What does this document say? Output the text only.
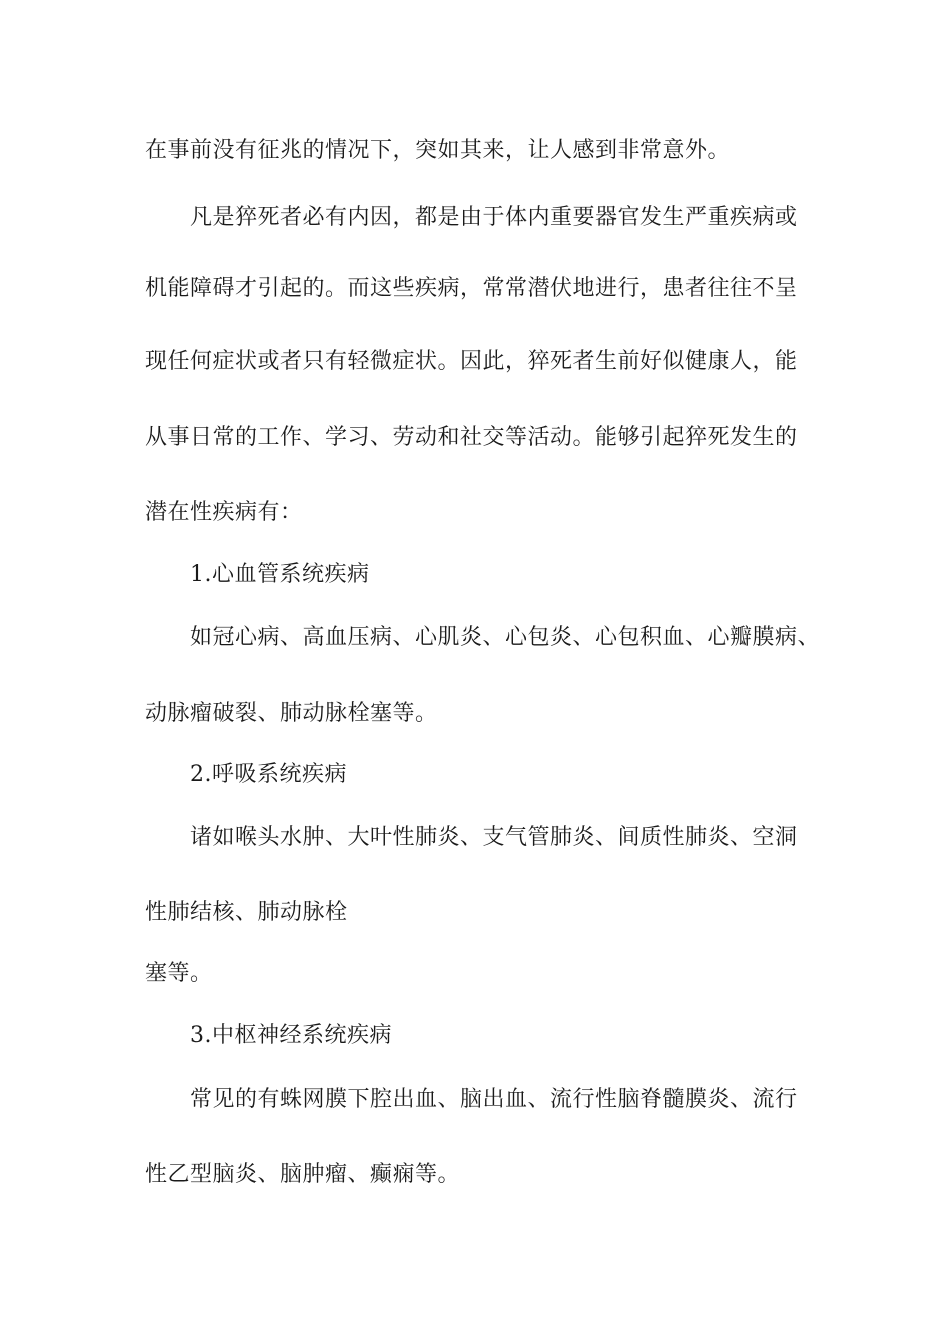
在事前没有征兆的情况下，突如其来，让人感到非常意外。
凡是猝死者必有内因，都是由于体内重要器官发生严重疾病或
机能障碍才引起的。而这些疾病，常常潜伏地进行，患者往往不呈
现任何症状或者只有轻微症状。因此，猝死者生前好似健康人，能
从事日常的工作、学习、劳动和社交等活动。能够引起猝死发生的
潜在性疾病有：
1.心血管系统疾病
如冠心病、高血压病、心肌炎、心包炎、心包积血、心瓣膜病、
动脉瘤破裂、肺动脉栓塞等。
2.呼吸系统疾病
诸如喉头水肿、大叶性肺炎、支气管肺炎、间质性肺炎、空洞
性肺结核、肺动脉栓
塞等。
3.中枢神经系统疾病
常见的有蛛网膜下腔出血、脑出血、流行性脑脊髓膜炎、流行
性乙型脑炎、脑肿瘤、癫痫等。
